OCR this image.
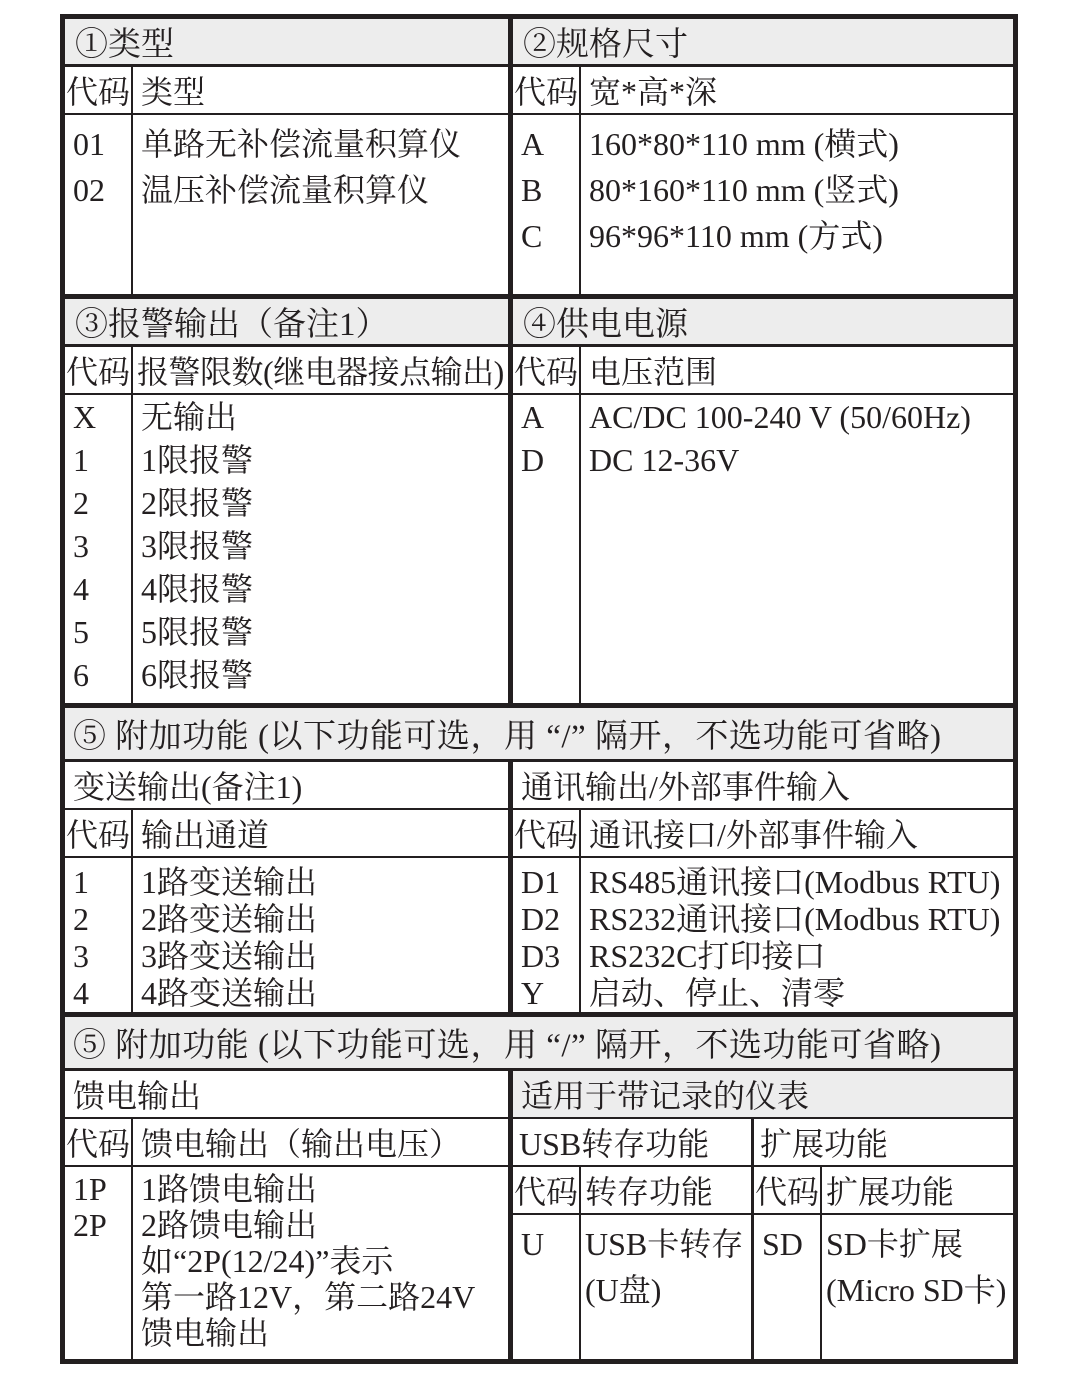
①类型
代码 类型
01
02
单路无补偿流量积算仪
温压补偿流量积算仪
②规格尺寸
代码 宽*高*深
A
B
C
160*80*110 mm (横式)
80*160*110 mm (竖式)
96*96*110 mm (方式)
③报警输出（备注1）
代码 报警限数(继电器接点输出)
X
1
2
3
4
5
6
无输出
1限报警
2限报警
3限报警
4限报警
5限报警
6限报警
④供电电源
代码 电压范围
A
D
AC/DC 100-240 V (50/60Hz)
DC 12-36V
⑤ 附加功能 (以下功能可选，用 “/” 隔开，不选功能可省略)
变送输出(备注1)
代码 输出通道
1
2
3
4
1路变送输出
2路变送输出
3路变送输出
4路变送输出
通讯输出/外部事件输入
代码 通讯接口/外部事件输入
D1
D2
D3
Y
RS485通讯接口(Modbus RTU)
RS232通讯接口(Modbus RTU)
RS232C打印接口
启动、停止、清零
⑤ 附加功能 (以下功能可选，用 “/” 隔开，不选功能可省略)
馈电输出
代码 馈电输出（输出电压）
1P
2P
1路馈电输出
2路馈电输出
如“2P(12/24)”表示
第一路12V，第二路24V
馈电输出
适用于带记录的仪表
USB转存功能
代码 转存功能
U	USB卡转存
(U盘)
扩展功能
代码 扩展功能
SD SD卡扩展
(Micro SD卡)
